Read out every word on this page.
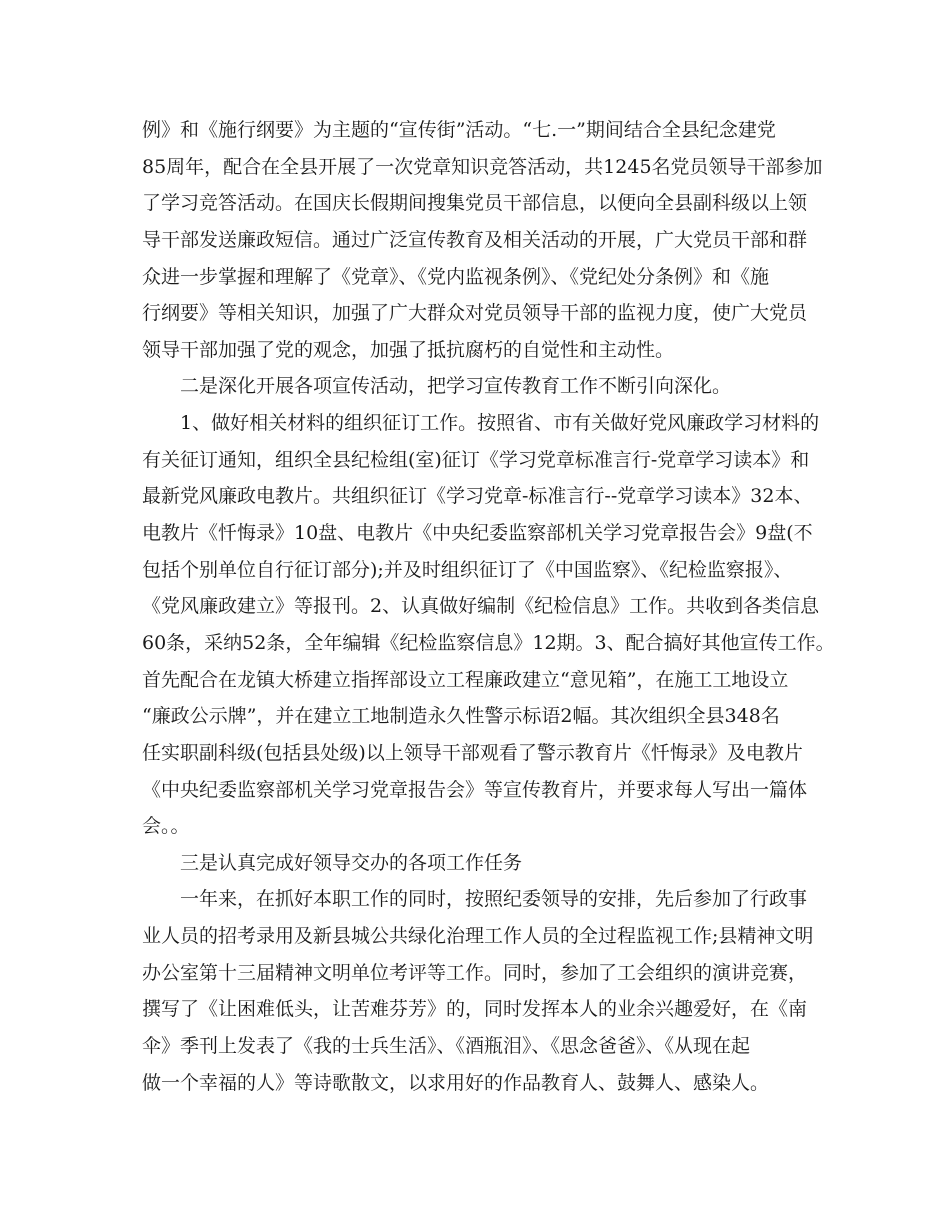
例》和《施行纲要》为主题的“宣传街”活动。“七.一”期间结合全县纪念建党
85周年，配合在全县开展了一次党章知识竞答活动，共1245名党员领导干部参加
了学习竞答活动。在国庆长假期间搜集党员干部信息，以便向全县副科级以上领
导干部发送廉政短信。通过广泛宣传教育及相关活动的开展，广大党员干部和群
众进一步掌握和理解了《党章》、《党内监视条例》、《党纪处分条例》和《施
行纲要》等相关知识，加强了广大群众对党员领导干部的监视力度，使广大党员
领导干部加强了党的观念，加强了抵抗腐朽的自觉性和主动性。
二是深化开展各项宣传活动，把学习宣传教育工作不断引向深化。
1、做好相关材料的组织征订工作。按照省、市有关做好党风廉政学习材料的
有关征订通知，组织全县纪检组(室)征订《学习党章标准言行-党章学习读本》和
最新党风廉政电教片。共组织征订《学习党章-标准言行--党章学习读本》32本、
电教片《忏悔录》10盘、电教片《中央纪委监察部机关学习党章报告会》9盘(不
包括个别单位自行征订部分);并及时组织征订了《中国监察》、《纪检监察报》、
《党风廉政建立》等报刊。2、认真做好编制《纪检信息》工作。共收到各类信息
60条，采纳52条，全年编辑《纪检监察信息》12期。3、配合搞好其他宣传工作。
首先配合在龙镇大桥建立指挥部设立工程廉政建立“意见箱”，在施工工地设立
“廉政公示牌”，并在建立工地制造永久性警示标语2幅。其次组织全县348名
任实职副科级(包括县处级)以上领导干部观看了警示教育片《忏悔录》及电教片
《中央纪委监察部机关学习党章报告会》等宣传教育片，并要求每人写出一篇体
会。。
三是认真完成好领导交办的各项工作任务
一年来，在抓好本职工作的同时，按照纪委领导的安排，先后参加了行政事
业人员的招考录用及新县城公共绿化治理工作人员的全过程监视工作;县精神文明
办公室第十三届精神文明单位考评等工作。同时，参加了工会组织的演讲竞赛，
撰写了《让困难低头，让苦难芬芳》的，同时发挥本人的业余兴趣爱好，在《南
伞》季刊上发表了《我的士兵生活》、《酒瓶泪》、《思念爸爸》、《从现在起
做一个幸福的人》等诗歌散文，以求用好的作品教育人、鼓舞人、感染人。
